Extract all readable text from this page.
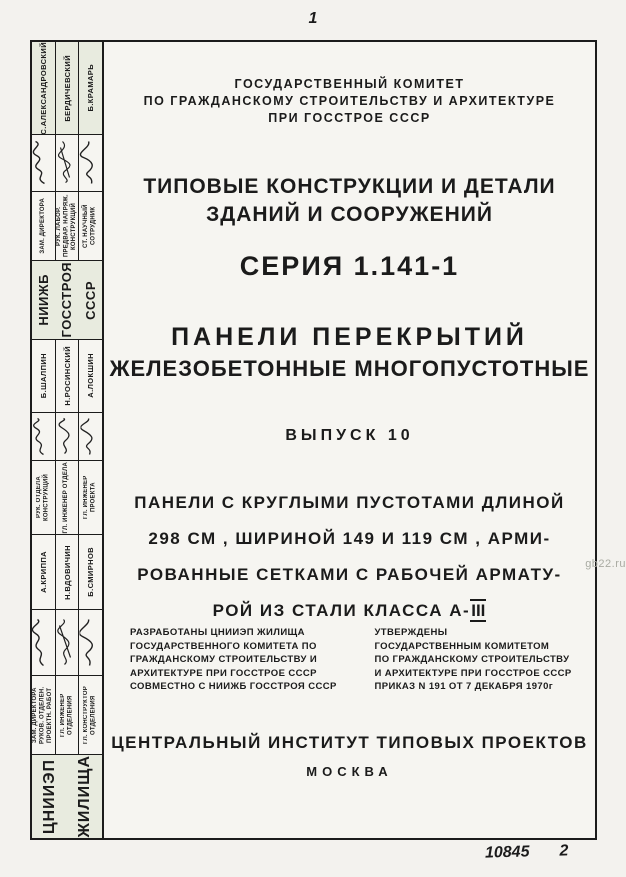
1
С.АЛЕКСАНДРОВСКИЙ БЕРДИЧЕВСКИЙ Б.КРАМАРЬ
ЗАМ. ДИРЕКТОРА РУК. ЛАБОР. ПРЕДВАР. НАПРЯЖ. КОНСТРУКЦИЙ СТ. НАУЧНЫЙ СОТРУДНИК
НИИЖБ ГОССТРОЯ СССР
Б.ШАЛПИН Н.РОСИНСКИЙ А.ЛОКШИН
РУК. ОТДЕЛА КОНСТРУКЦИЙ ГЛ. ИНЖЕНЕР ОТДЕЛА ГЛ. ИНЖЕНЕР ПРОЕКТА
А.КРИППА Н.ВДОВИЧИН Б.СМИРНОВ
ЗАМ. ДИРЕКТОРА РУКОВ. ОТДЕЛЕН. ПРОЕКТН. РАБОТ ГЛ. ИНЖЕНЕР ОТДЕЛЕНИЯ ГЛ. КОНСТРУКТОР ОТДЕЛЕНИЯ
ЦНИИЭП ЖИЛИЩА
ГОСУДАРСТВЕННЫЙ КОМИТЕТ
ПО ГРАЖДАНСКОМУ СТРОИТЕЛЬСТВУ И АРХИТЕКТУРЕ
ПРИ ГОССТРОЕ СССР
ТИПОВЫЕ КОНСТРУКЦИИ И ДЕТАЛИ
ЗДАНИЙ И СООРУЖЕНИЙ
СЕРИЯ 1.141-1
ПАНЕЛИ ПЕРЕКРЫТИЙ
ЖЕЛЕЗОБЕТОННЫЕ МНОГОПУСТОТНЫЕ
ВЫПУСК 10
ПАНЕЛИ С КРУГЛЫМИ ПУСТОТАМИ ДЛИНОЙ
298 СМ , ШИРИНОЙ 149 И 119 СМ , АРМИ-
РОВАННЫЕ СЕТКАМИ С РАБОЧЕЙ АРМАТУ-
РОЙ ИЗ СТАЛИ КЛАССА А-III
РАЗРАБОТАНЫ ЦНИИЭП ЖИЛИЩА
ГОСУДАРСТВЕННОГО КОМИТЕТА ПО
ГРАЖДАНСКОМУ СТРОИТЕЛЬСТВУ И
АРХИТЕКТУРЕ ПРИ ГОССТРОЕ СССР
СОВМЕСТНО С НИИЖБ ГОССТРОЯ СССР
УТВЕРЖДЕНЫ
ГОСУДАРСТВЕННЫМ КОМИТЕТОМ
ПО ГРАЖДАНСКОМУ СТРОИТЕЛЬСТВУ
И АРХИТЕКТУРЕ ПРИ ГОССТРОЕ СССР
ПРИКАЗ N 191 ОТ 7 ДЕКАБРЯ 1970г
ЦЕНТРАЛЬНЫЙ ИНСТИТУТ ТИПОВЫХ ПРОЕКТОВ
МОСКВА
10845 2
gb22.ru
